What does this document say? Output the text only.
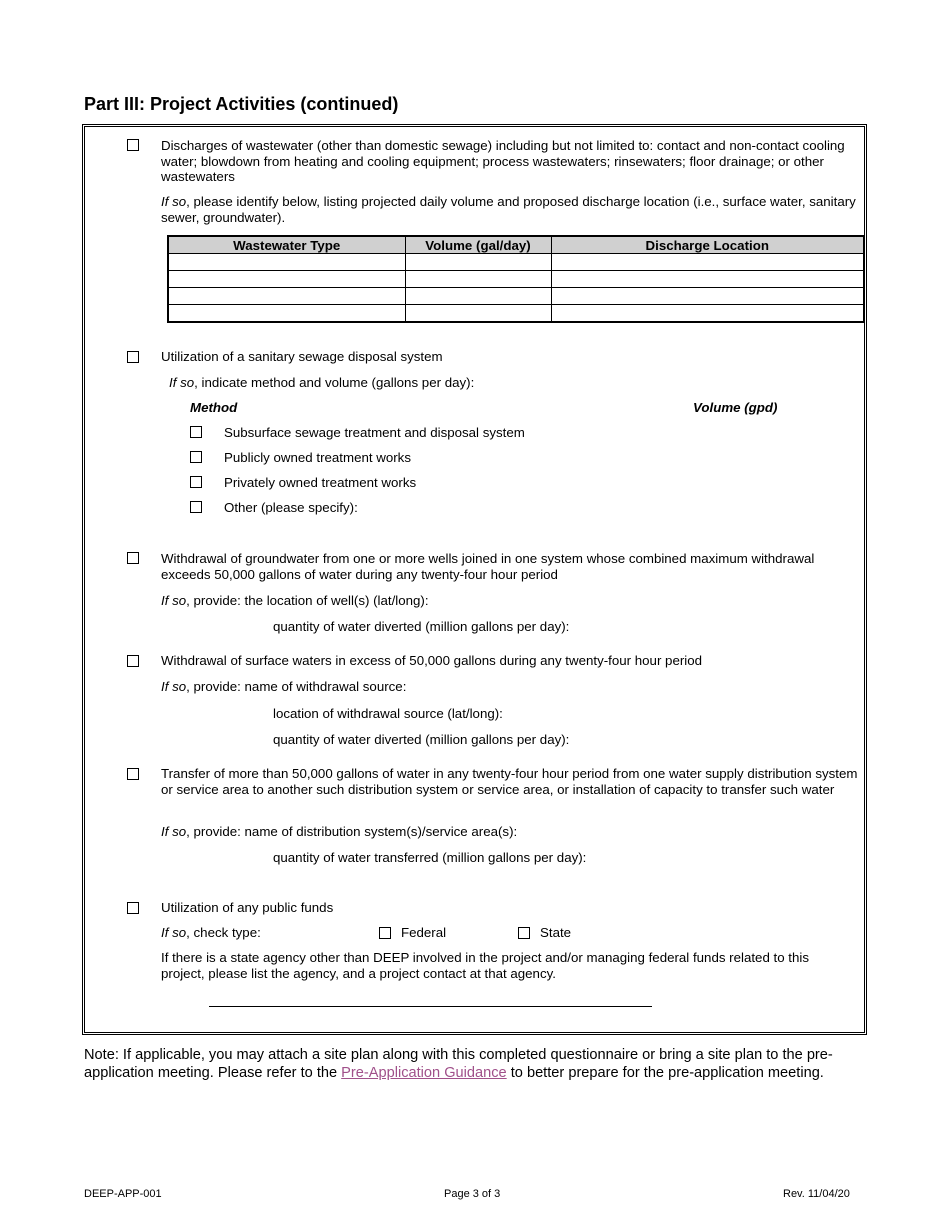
Part III: Project Activities (continued)
Discharges of wastewater (other than domestic sewage) including but not limited to: contact and non-contact cooling water; blowdown from heating and cooling equipment; process wastewaters; rinsewaters; floor drainage; or other wastewaters
If so, please identify below, listing projected daily volume and proposed discharge location (i.e., surface water, sanitary sewer, groundwater).
Wastewater Type	Volume (gal/day)	Discharge Location

Utilization of a sanitary sewage disposal system
If so, indicate method and volume (gallons per day):
Method	Volume (gpd)
Subsurface sewage treatment and disposal system
Publicly owned treatment works
Privately owned treatment works
Other (please specify):
Withdrawal of groundwater from one or more wells joined in one system whose combined maximum withdrawal exceeds 50,000 gallons of water during any twenty-four hour period
If so, provide: the location of well(s) (lat/long):
quantity of water diverted (million gallons per day):
Withdrawal of surface waters in excess of 50,000 gallons during any twenty-four hour period
If so, provide: name of withdrawal source:
location of withdrawal source (lat/long):
quantity of water diverted (million gallons per day):
Transfer of more than 50,000 gallons of water in any twenty-four hour period from one water supply distribution system or service area to another such distribution system or service area, or installation of capacity to transfer such water
If so, provide: name of distribution system(s)/service area(s):
quantity of water transferred (million gallons per day):
Utilization of any public funds
If so, check type:	Federal	State
If there is a state agency other than DEEP involved in the project and/or managing federal funds related to this project, please list the agency, and a project contact at that agency.
Note: If applicable, you may attach a site plan along with this completed questionnaire or bring a site plan to the pre-application meeting. Please refer to the Pre-Application Guidance to better prepare for the pre-application meeting.
DEEP-APP-001	Page 3 of 3	Rev. 11/04/20
